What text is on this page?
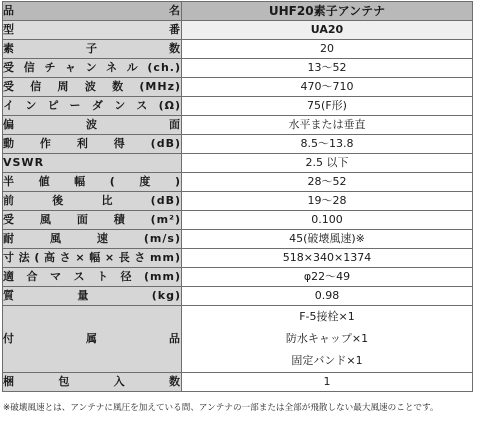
品名	UHF20素子アンテナ
型番	UA20
素子数	20
受信チャンネル(ch.)	13〜52
受信周波数(MHz)	470〜710
インピーダンス(Ω)	75(F形)
偏波面	水平または垂直
動作利得(dB)	8.5〜13.8
VSWR	2.5 以下
半値幅(度)	28〜52
前後比(dB)	19〜28
受風面積(m²)	0.100
耐風速(m/s)	45(破壊風速)※
寸法(高さ×幅×長さmm)	518×340×1374
適合マスト径(mm)	φ22〜49
質量(kg)	0.98
付属品	F-5接栓×1
防水キャップ×1
固定バンド×1

梱包入数	1
※破壊風速とは、アンテナに風圧を加えている間、アンテナの一部または全部が飛散しない最大風速のことです。
